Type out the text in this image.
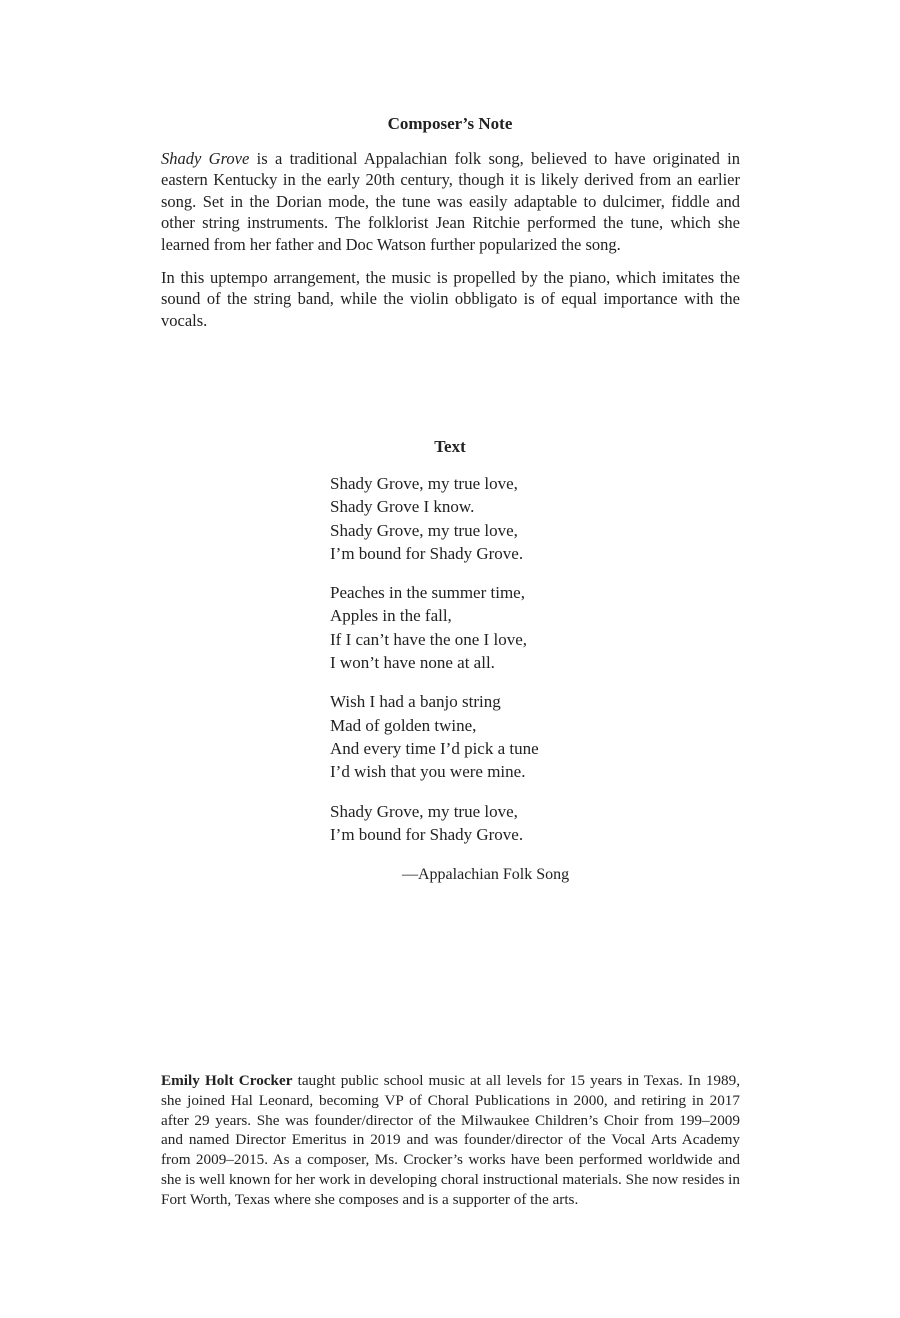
Composer’s Note

Shady Grove is a traditional Appalachian folk song, believed to have originated in eastern Kentucky in the early 20th century, though it is likely derived from an earlier song. Set in the Dorian mode, the tune was easily adaptable to dulcimer, fiddle and other string instruments. The folklorist Jean Ritchie performed the tune, which she learned from her father and Doc Watson further popularized the song.

In this uptempo arrangement, the music is propelled by the piano, which imitates the sound of the string band, while the violin obbligato is of equal importance with the vocals.

Text
Shady Grove, my true love,
Shady Grove I know.
Shady Grove, my true love,
I’m bound for Shady Grove.
Peaches in the summer time,
Apples in the fall,
If I can’t have the one I love,
I won’t have none at all.
Wish I had a banjo string
Mad of golden twine,
And every time I’d pick a tune
I’d wish that you were mine.
Shady Grove, my true love,
I’m bound for Shady Grove.
—Appalachian Folk Song

Emily Holt Crocker taught public school music at all levels for 15 years in Texas. In 1989, she joined Hal Leonard, becoming VP of Choral Publications in 2000, and retiring in 2017 after 29 years. She was founder/director of the Milwaukee Children’s Choir from 199–2009 and named Director Emeritus in 2019 and was founder/director of the Vocal Arts Academy from 2009–2015. As a composer, Ms. Crocker’s works have been performed worldwide and she is well known for her work in developing choral instructional materials. She now resides in Fort Worth, Texas where she composes and is a supporter of the arts.
